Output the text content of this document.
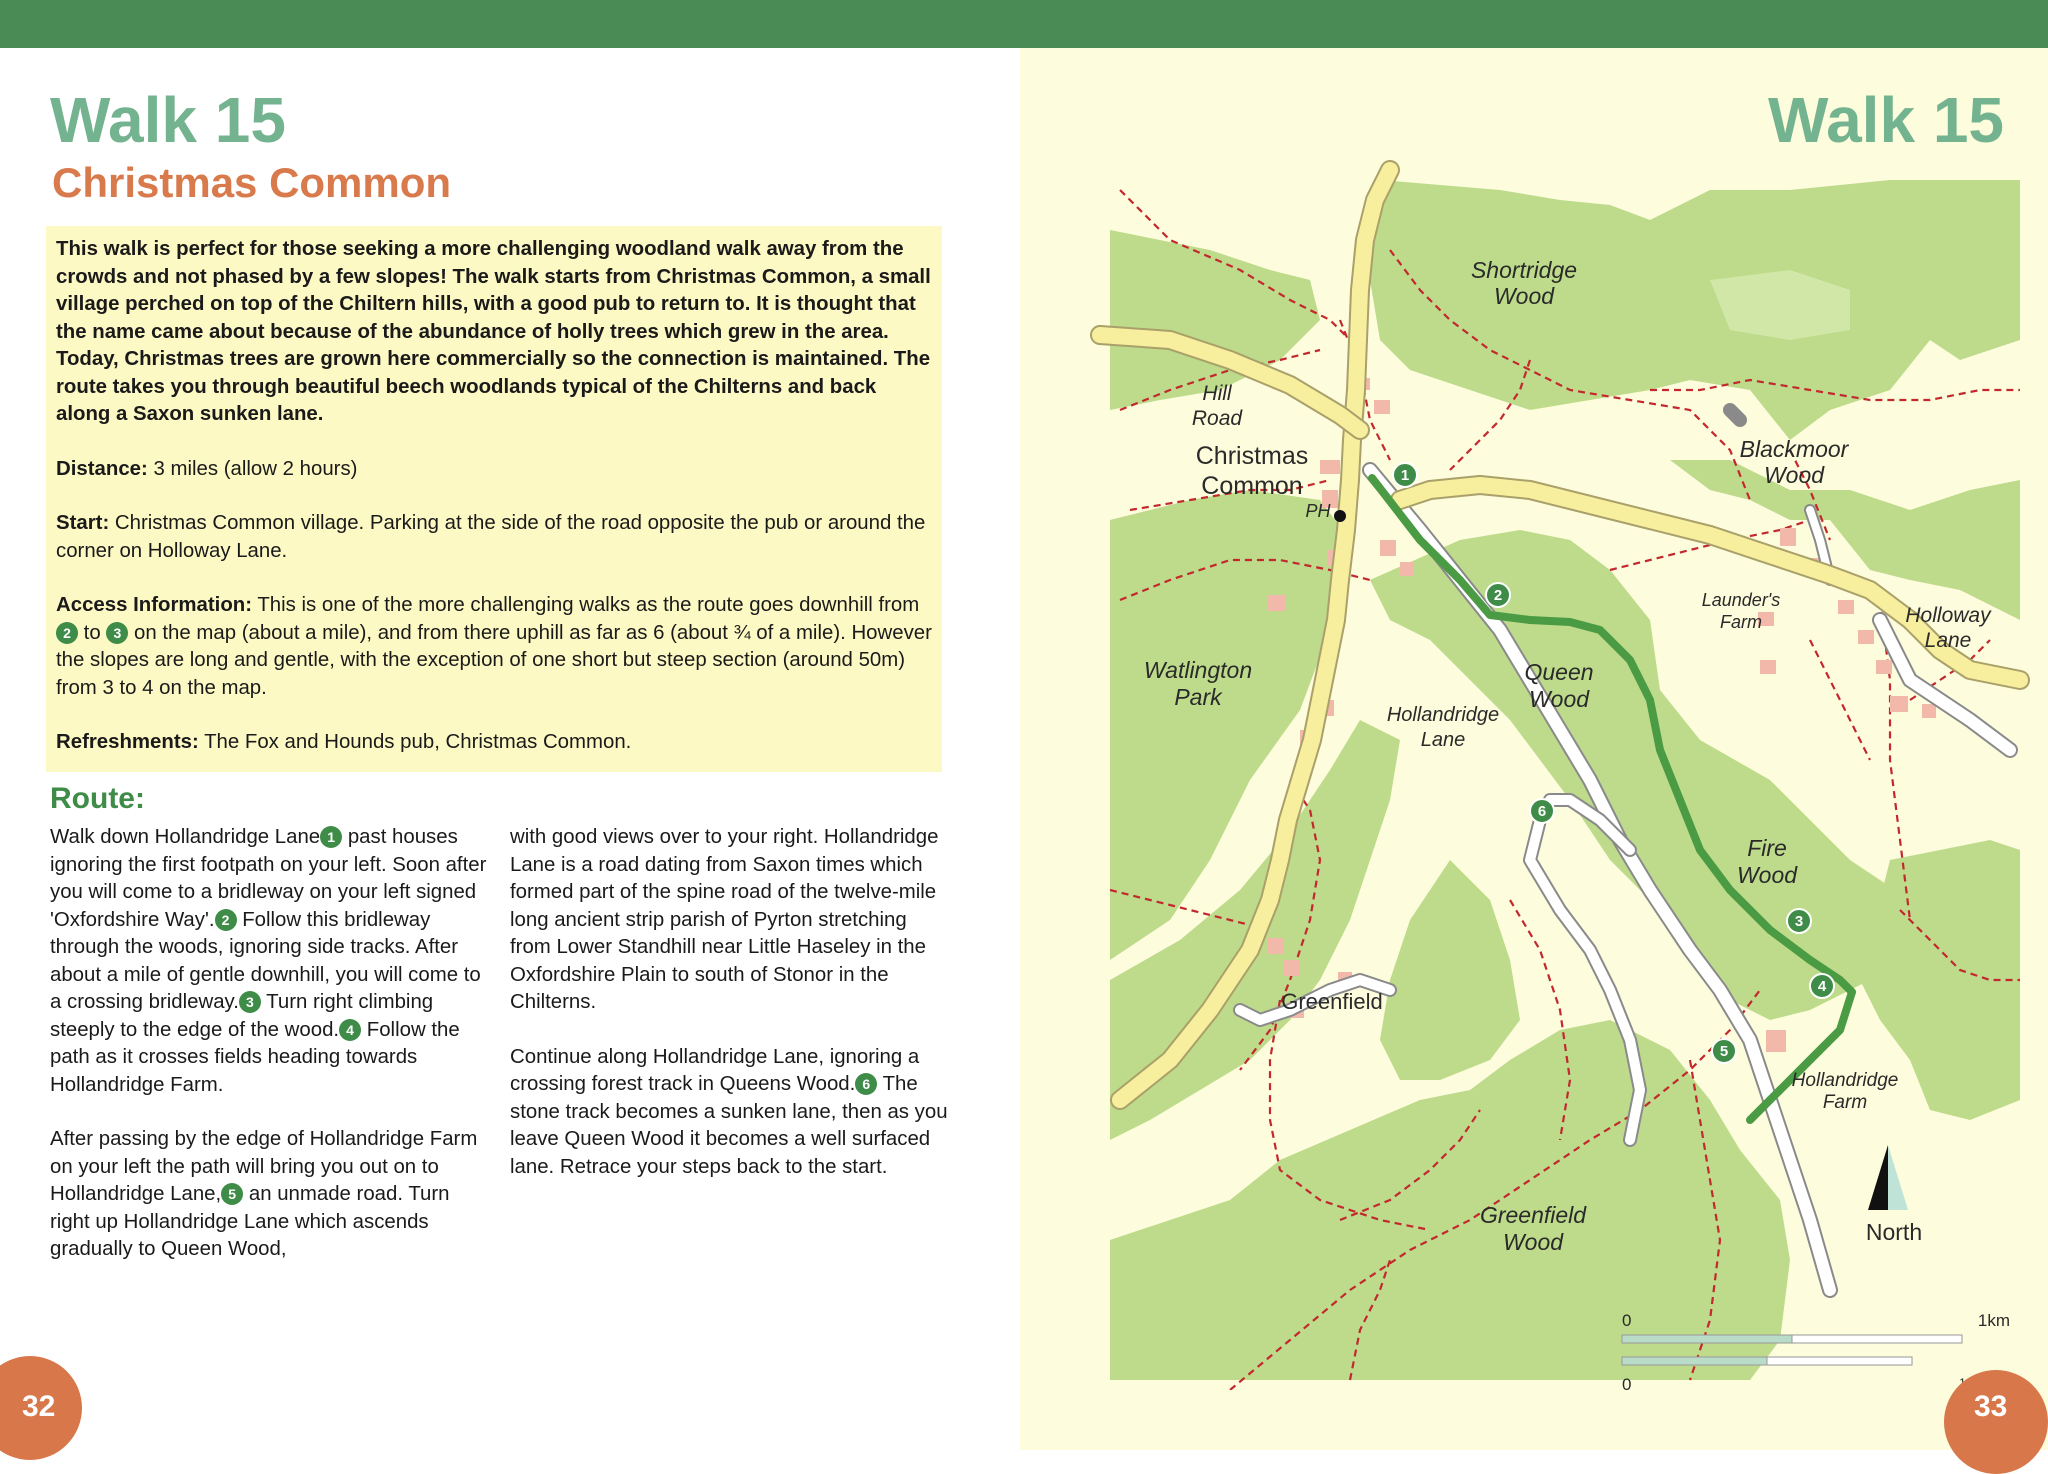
Walk 15
Christmas Common

This walk is perfect for those seeking a more challenging woodland walk away from the crowds and not phased by a few slopes! The walk starts from Christmas Common, a small village perched on top of the Chiltern hills, with a good pub to return to. It is thought that the name came about because of the abundance of holly trees which grew in the area. Today, Christmas trees are grown here commercially so the connection is maintained. The route takes you through beautiful beech woodlands typical of the Chilterns and back along a Saxon sunken lane.

Distance: 3 miles (allow 2 hours)

Start: Christmas Common village. Parking at the side of the road opposite the pub or around the corner on Holloway Lane.

Access Information: This is one of the more challenging walks as the route goes downhill from 2 to 3 on the map (about a mile), and from there uphill as far as 6 (about ¾ of a mile). However the slopes are long and gentle, with the exception of one short but steep section (around 50m) from 3 to 4 on the map.

Refreshments: The Fox and Hounds pub, Christmas Common.

Route:

Walk down Hollandridge Lane 1 past houses ignoring the first footpath on your left. Soon after you will come to a bridleway on your left signed 'Oxfordshire Way'. 2 Follow this bridleway through the woods, ignoring side tracks. After about a mile of gentle downhill, you will come to a crossing bridleway. 3 Turn right climbing steeply to the edge of the wood. 4 Follow the path as it crosses fields heading towards Hollandridge Farm.

After passing by the edge of Hollandridge Farm on your left the path will bring you out on to Hollandridge Lane, 5 an unmade road. Turn right up Hollandridge Lane which ascends gradually to Queen Wood,

with good views over to your right. Hollandridge Lane is a road dating from Saxon times which formed part of the spine road of the twelve-mile long ancient strip parish of Pyrton stretching from Lower Standhill near Little Haseley in the Oxfordshire Plain to south of Stonor in the Chilterns.

Continue along Hollandridge Lane, ignoring a crossing forest track in Queens Wood. 6 The stone track becomes a sunken lane, then as you leave Queen Wood it becomes a well surfaced lane. Retrace your steps back to the start.

32
Walk 15
1
2
3
4
5
6
Shortridge
Wood
Hill
Road
Christmas
Common
PH
Blackmoor
Wood
Launder's
Farm	Holloway
Lane
Watlington
Park
Queen
Wood
Hollandridge
Lane
Fire
Wood
Greenfield
Hollandridge
Farm
Greenfield
Wood	North
0	1km
0
33
